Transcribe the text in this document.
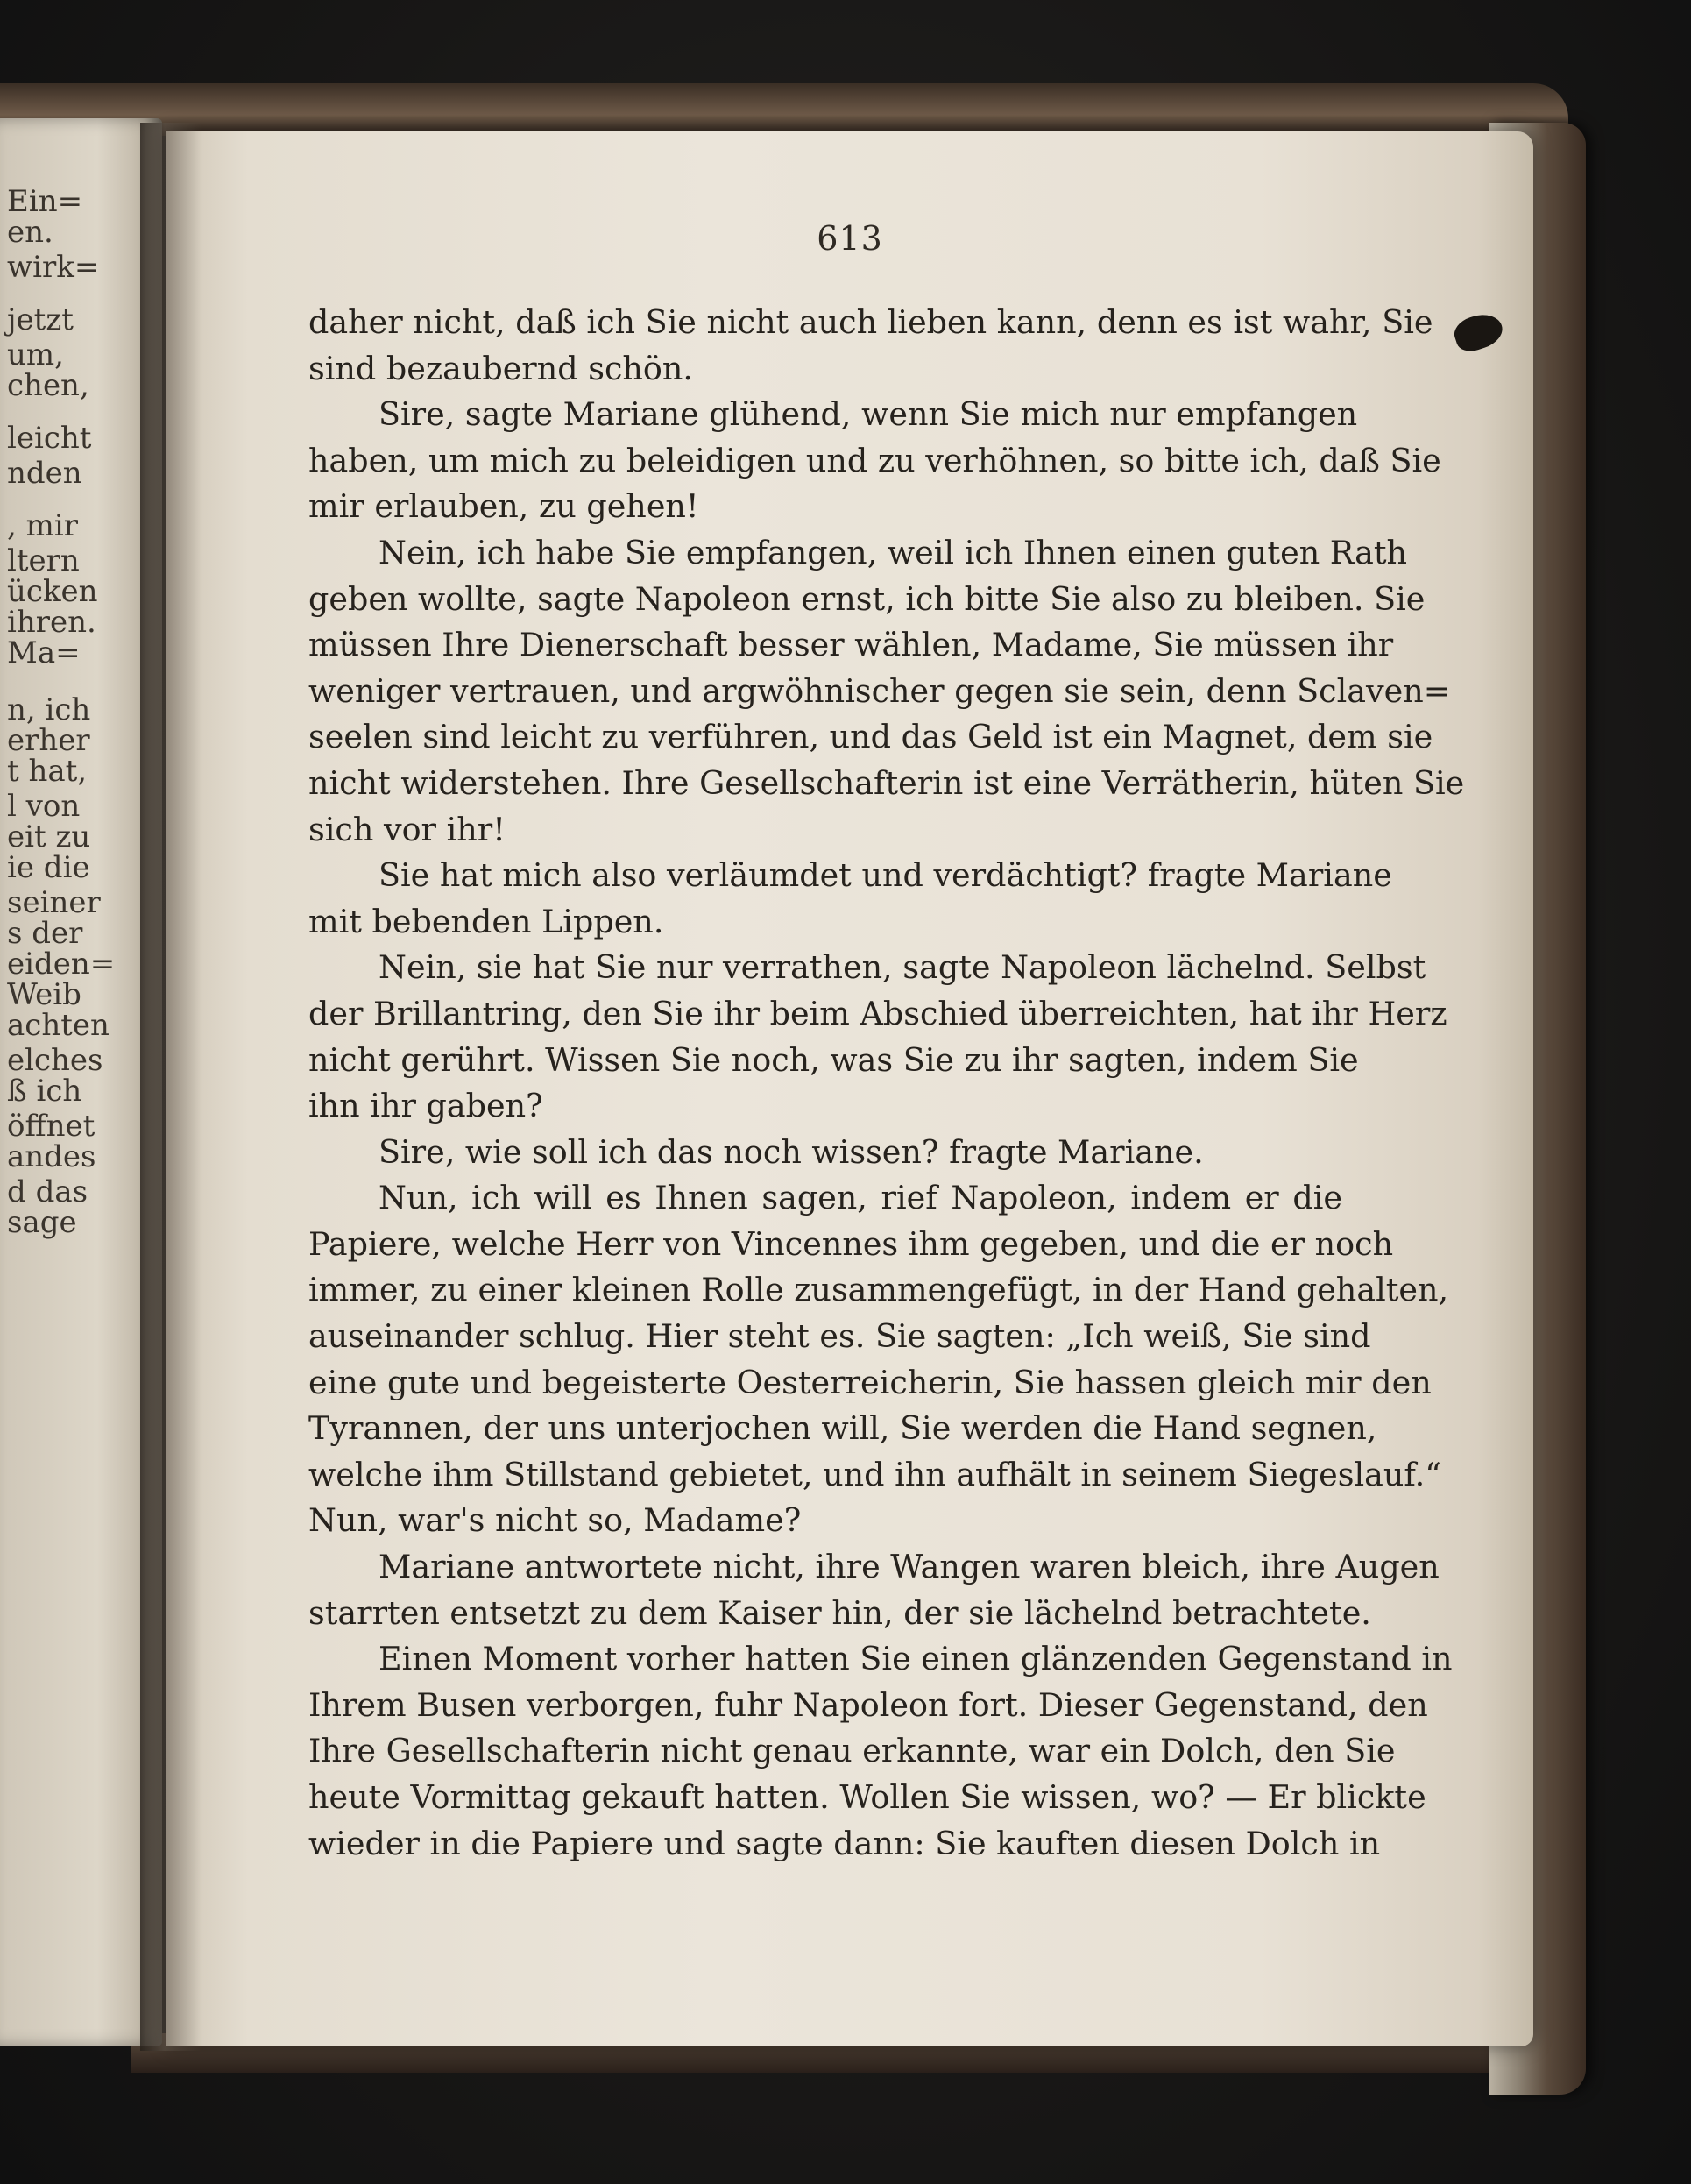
Ein=
en.
wirk=
jetzt
um,
chen,
leicht
nden
, mir
ltern
ücken
ihren.
Ma=
n, ich
erher
t hat,
l von
eit zu
ie die
seiner
s der
eiden=
Weib
achten
elches
ß ich
öffnet
andes
d das
sage
613
daher nicht, daß ich Sie nicht auch lieben kann, denn es ist wahr, Sie
sind bezaubernd schön.
Sire, sagte Mariane glühend, wenn Sie mich nur empfangen
haben, um mich zu beleidigen und zu verhöhnen, so bitte ich, daß Sie
mir erlauben, zu gehen!
Nein, ich habe Sie empfangen, weil ich Ihnen einen guten Rath
geben wollte, sagte Napoleon ernst, ich bitte Sie also zu bleiben. Sie
müssen Ihre Dienerschaft besser wählen, Madame, Sie müssen ihr
weniger vertrauen, und argwöhnischer gegen sie sein, denn Sclaven=
seelen sind leicht zu verführen, und das Geld ist ein Magnet, dem sie
nicht widerstehen. Ihre Gesellschafterin ist eine Verrätherin, hüten Sie
sich vor ihr!
Sie hat mich also verläumdet und verdächtigt? fragte Mariane
mit bebenden Lippen.
Nein, sie hat Sie nur verrathen, sagte Napoleon lächelnd. Selbst
der Brillantring, den Sie ihr beim Abschied überreichten, hat ihr Herz
nicht gerührt. Wissen Sie noch, was Sie zu ihr sagten, indem Sie
ihn ihr gaben?
Sire, wie soll ich das noch wissen? fragte Mariane.
Nun, ich will es Ihnen sagen, rief Napoleon, indem er die
Papiere, welche Herr von Vincennes ihm gegeben, und die er noch
immer, zu einer kleinen Rolle zusammengefügt, in der Hand gehalten,
auseinander schlug. Hier steht es. Sie sagten: „Ich weiß, Sie sind
eine gute und begeisterte Oesterreicherin, Sie hassen gleich mir den
Tyrannen, der uns unterjochen will, Sie werden die Hand segnen,
welche ihm Stillstand gebietet, und ihn aufhält in seinem Siegeslauf.“
Nun, war's nicht so, Madame?
Mariane antwortete nicht, ihre Wangen waren bleich, ihre Augen
starrten entsetzt zu dem Kaiser hin, der sie lächelnd betrachtete.
Einen Moment vorher hatten Sie einen glänzenden Gegenstand in
Ihrem Busen verborgen, fuhr Napoleon fort. Dieser Gegenstand, den
Ihre Gesellschafterin nicht genau erkannte, war ein Dolch, den Sie
heute Vormittag gekauft hatten. Wollen Sie wissen, wo? — Er blickte
wieder in die Papiere und sagte dann: Sie kauften diesen Dolch in
